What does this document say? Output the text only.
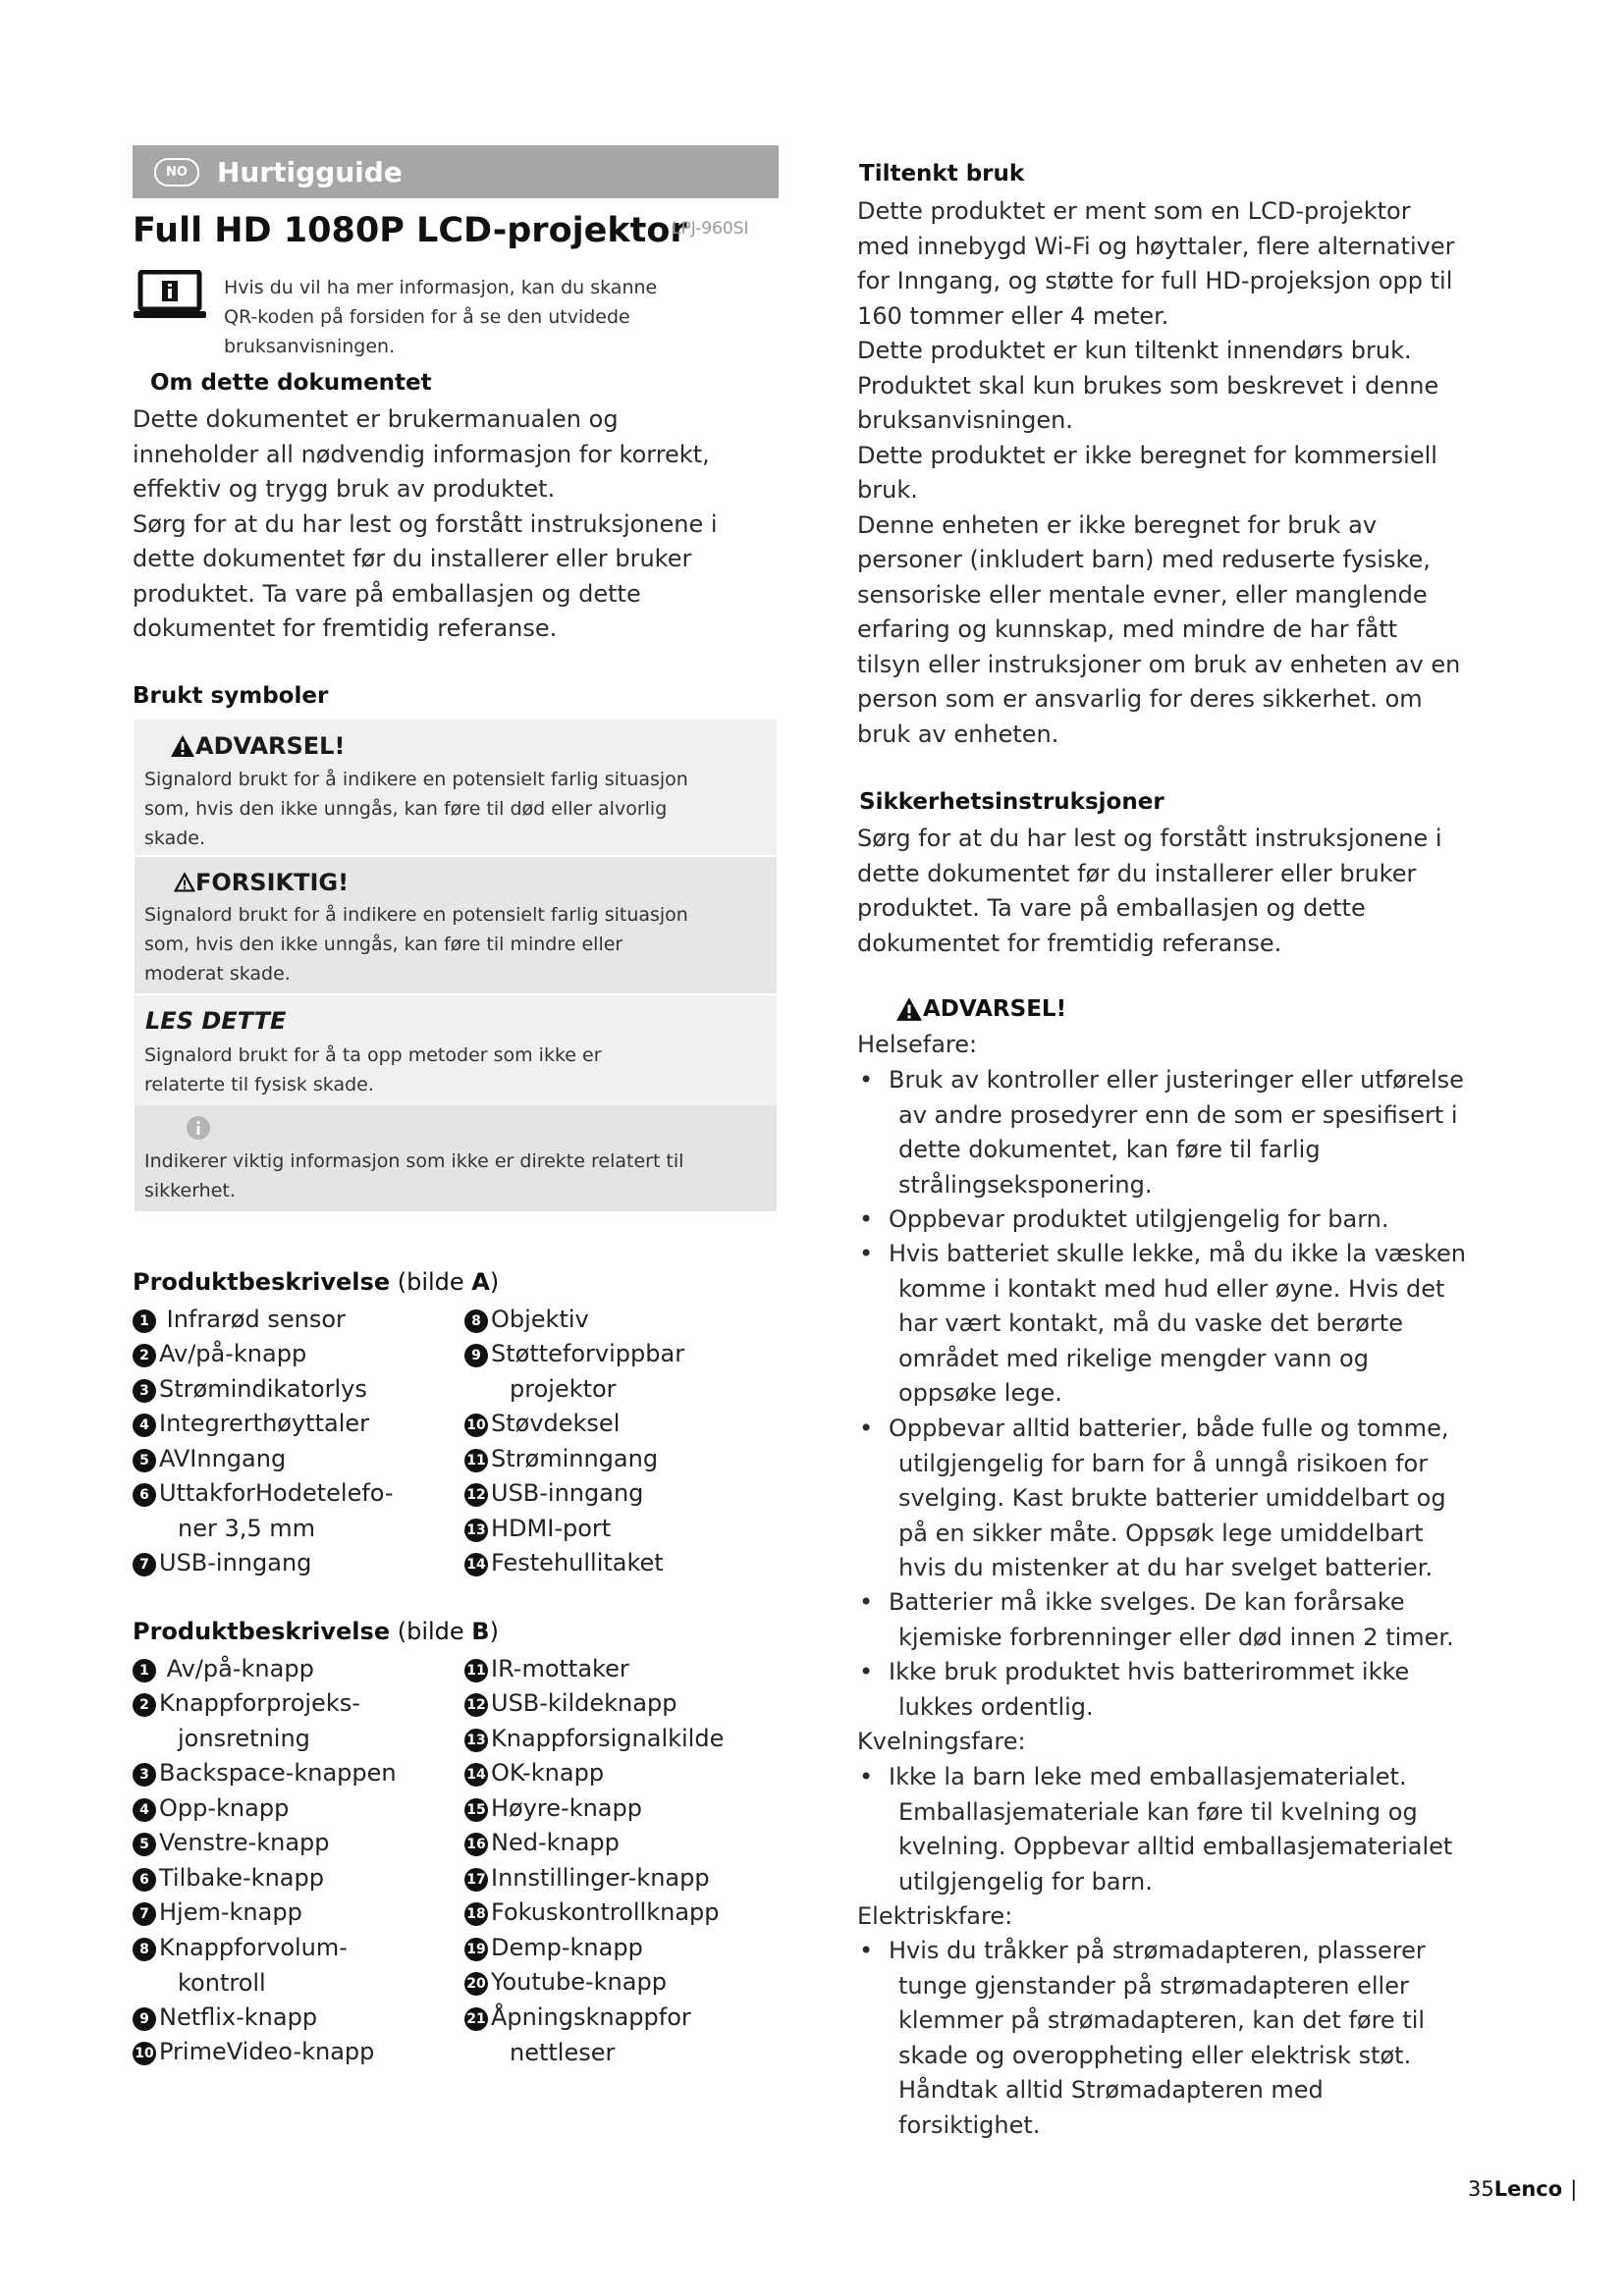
NO	Hurtigguide
Full HD 1080P LCD-projektor
LPJ-960SI
Hvis du vil ha mer informasjon, kan du skanne
QR-koden på forsiden for å se den utvidede
bruksanvisningen.
Om dette dokumentet
Dette dokumentet er brukermanualen og
inneholder all nødvendig informasjon for korrekt,
effektiv og trygg bruk av produktet.
Sørg for at du har lest og forstått instruksjonene i
dette dokumentet før du installerer eller bruker
produktet. Ta vare på emballasjen og dette
dokumentet for fremtidig referanse.
Brukt symboler
ADVARSEL!
Signalord brukt for å indikere en potensielt farlig situasjon
som, hvis den ikke unngås, kan føre til død eller alvorlig
skade.
FORSIKTIG!
Signalord brukt for å indikere en potensielt farlig situasjon
som, hvis den ikke unngås, kan føre til mindre eller
moderat skade.
LES DETTE
Signalord brukt for å ta opp metoder som ikke er
relaterte til fysisk skade.
Indikerer viktig informasjon som ikke er direkte relatert til
sikkerhet.
Produktbeskrivelse (bilde A)
1 Infrarød sensor
2 Av/på-knapp
3 Strømindikatorlys
4 Integrerthøyttaler
5 AVInngang
6 UttakforHodetelefo-
ner 3,5 mm
7 USB-inngang
8 Objektiv
9 Støtteforvippbar
projektor
10 Støvdeksel
11 Strøminngang
12 USB-inngang
13 HDMI-port
14 Festehullitaket
Produktbeskrivelse (bilde B)
1 Av/på-knapp
2 Knappforprojeks-
jonsretning
3 Backspace-knappen
4 Opp-knapp
5 Venstre-knapp
6 Tilbake-knapp
7 Hjem-knapp
8 Knappforvolum-
kontroll
9 Netflix-knapp
10 PrimeVideo-knapp
11 IR-mottaker
12 USB-kildeknapp
13 Knappforsignalkilde
14 OK-knapp
15 Høyre-knapp
16 Ned-knapp
17 Innstillinger-knapp
18 Fokuskontrollknapp
19 Demp-knapp
20 Youtube-knapp
21 Åpningsknappfor
nettleser
Tiltenkt bruk
Dette produktet er ment som en LCD-projektor
med innebygd Wi-Fi og høyttaler, flere alternativer
for Inngang, og støtte for full HD-projeksjon opp til
160 tommer eller 4 meter.
Dette produktet er kun tiltenkt innendørs bruk.
Produktet skal kun brukes som beskrevet i denne
bruksanvisningen.
Dette produktet er ikke beregnet for kommersiell
bruk.
Denne enheten er ikke beregnet for bruk av
personer (inkludert barn) med reduserte fysiske,
sensoriske eller mentale evner, eller manglende
erfaring og kunnskap, med mindre de har fått
tilsyn eller instruksjoner om bruk av enheten av en
person som er ansvarlig for deres sikkerhet. om
bruk av enheten.
Sikkerhetsinstruksjoner
Sørg for at du har lest og forstått instruksjonene i
dette dokumentet før du installerer eller bruker
produktet. Ta vare på emballasjen og dette
dokumentet for fremtidig referanse.
ADVARSEL!
Helsefare:
• Bruk av kontroller eller justeringer eller utførelse
av andre prosedyrer enn de som er spesifisert i
dette dokumentet, kan føre til farlig
strålingseksponering.
• Oppbevar produktet utilgjengelig for barn.
• Hvis batteriet skulle lekke, må du ikke la væsken
komme i kontakt med hud eller øyne. Hvis det
har vært kontakt, må du vaske det berørte
området med rikelige mengder vann og
oppsøke lege.
• Oppbevar alltid batterier, både fulle og tomme,
utilgjengelig for barn for å unngå risikoen for
svelging. Kast brukte batterier umiddelbart og
på en sikker måte. Oppsøk lege umiddelbart
hvis du mistenker at du har svelget batterier.
• Batterier må ikke svelges. De kan forårsake
kjemiske forbrenninger eller død innen 2 timer.
• Ikke bruk produktet hvis batterirommet ikke
lukkes ordentlig.
Kvelningsfare:
• Ikke la barn leke med emballasjematerialet.
Emballasjemateriale kan føre til kvelning og
kvelning. Oppbevar alltid emballasjematerialet
utilgjengelig for barn.
Elektriskfare:
• Hvis du tråkker på strømadapteren, plasserer
tunge gjenstander på strømadapteren eller
klemmer på strømadapteren, kan det føre til
skade og overoppheting eller elektrisk støt.
Håndtak alltid Strømadapteren med
forsiktighet.
35Lenco |
